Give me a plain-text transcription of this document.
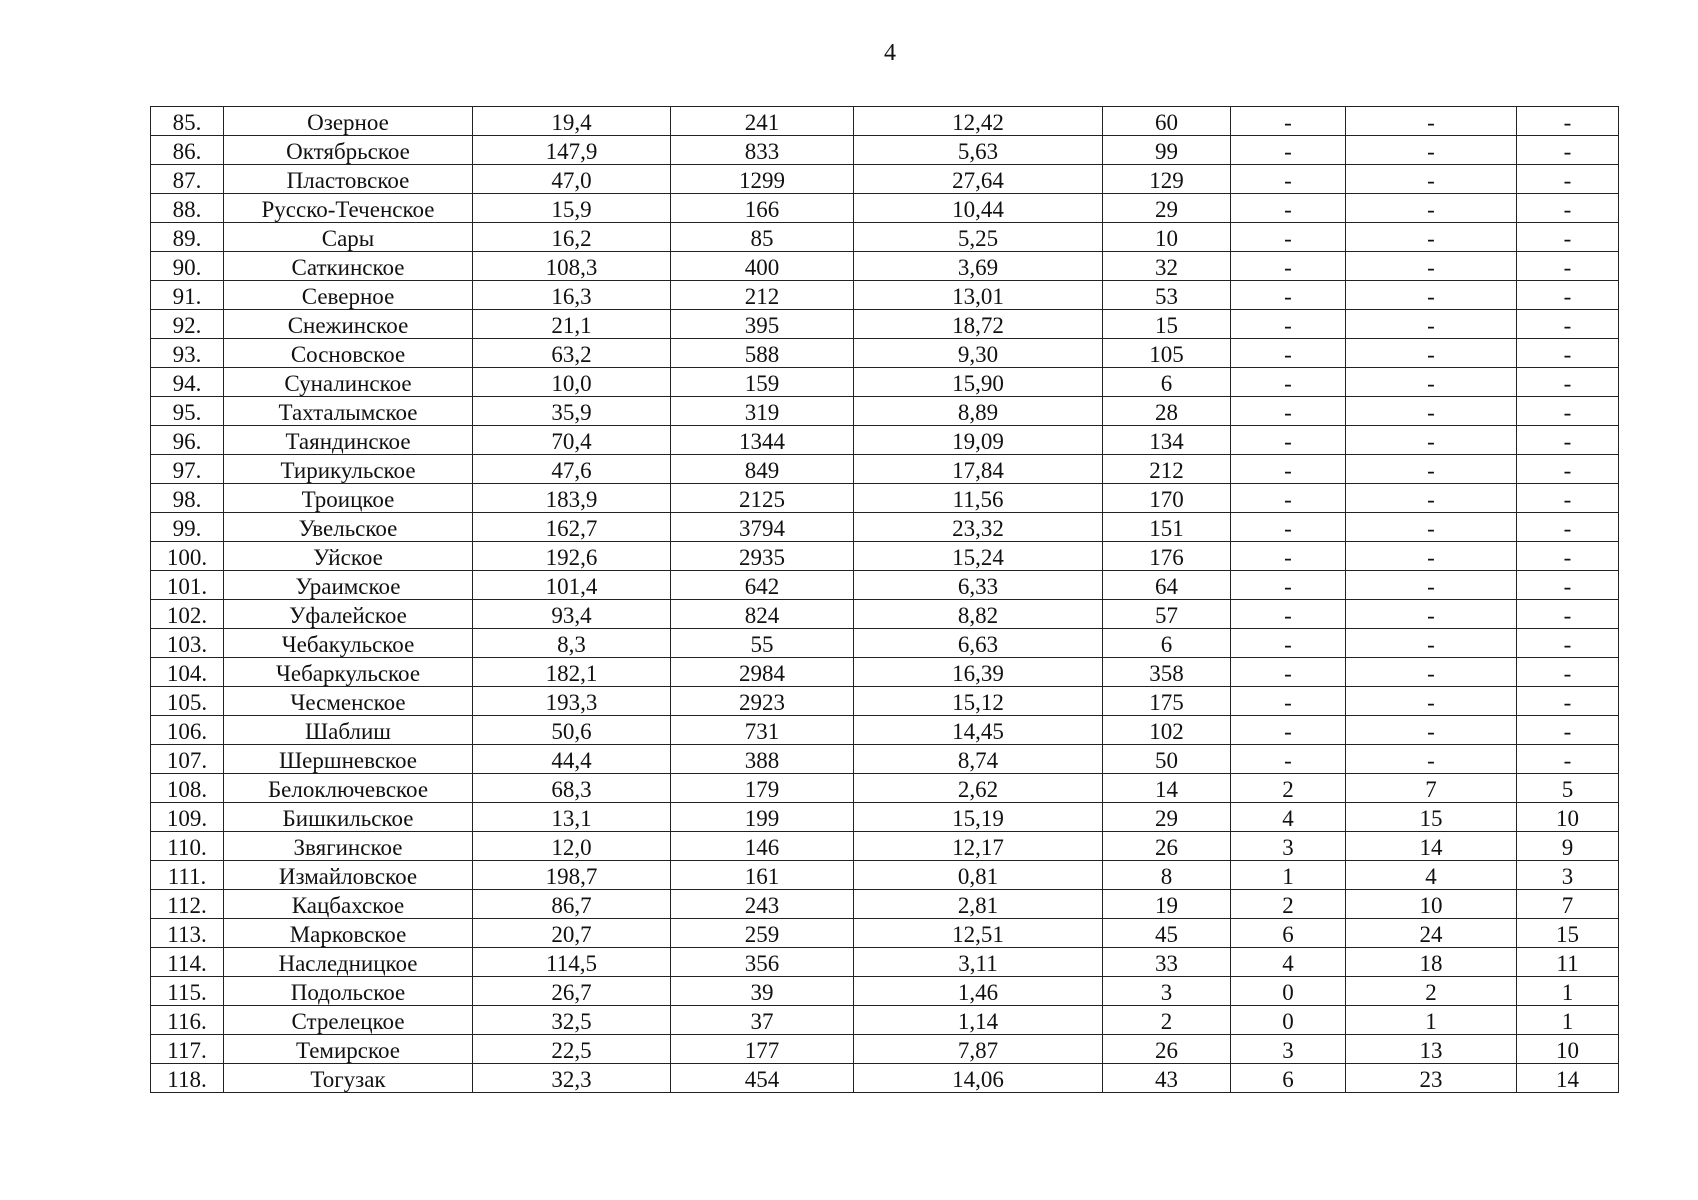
4
85.	Озерное	19,4	241	12,42	60	-	-	-
86.	Октябрьское	147,9	833	5,63	99	-	-	-
87.	Пластовское	47,0	1299	27,64	129	-	-	-
88.	Русско-Теченское	15,9	166	10,44	29	-	-	-
89.	Сары	16,2	85	5,25	10	-	-	-
90.	Саткинское	108,3	400	3,69	32	-	-	-
91.	Северное	16,3	212	13,01	53	-	-	-
92.	Снежинское	21,1	395	18,72	15	-	-	-
93.	Сосновское	63,2	588	9,30	105	-	-	-
94.	Суналинское	10,0	159	15,90	6	-	-	-
95.	Тахталымское	35,9	319	8,89	28	-	-	-
96.	Таяндинское	70,4	1344	19,09	134	-	-	-
97.	Тирикульское	47,6	849	17,84	212	-	-	-
98.	Троицкое	183,9	2125	11,56	170	-	-	-
99.	Увельское	162,7	3794	23,32	151	-	-	-
100.	Уйское	192,6	2935	15,24	176	-	-	-
101.	Ураимское	101,4	642	6,33	64	-	-	-
102.	Уфалейское	93,4	824	8,82	57	-	-	-
103.	Чебакульское	8,3	55	6,63	6	-	-	-
104.	Чебаркульское	182,1	2984	16,39	358	-	-	-
105.	Чесменское	193,3	2923	15,12	175	-	-	-
106.	Шаблиш	50,6	731	14,45	102	-	-	-
107.	Шершневское	44,4	388	8,74	50	-	-	-
108.	Белоключевское	68,3	179	2,62	14	2	7	5
109.	Бишкильское	13,1	199	15,19	29	4	15	10
110.	Звягинское	12,0	146	12,17	26	3	14	9
111.	Измайловское	198,7	161	0,81	8	1	4	3
112.	Кацбахское	86,7	243	2,81	19	2	10	7
113.	Марковское	20,7	259	12,51	45	6	24	15
114.	Наследницкое	114,5	356	3,11	33	4	18	11
115.	Подольское	26,7	39	1,46	3	0	2	1
116.	Стрелецкое	32,5	37	1,14	2	0	1	1
117.	Темирское	22,5	177	7,87	26	3	13	10
118.	Тогузак	32,3	454	14,06	43	6	23	14
